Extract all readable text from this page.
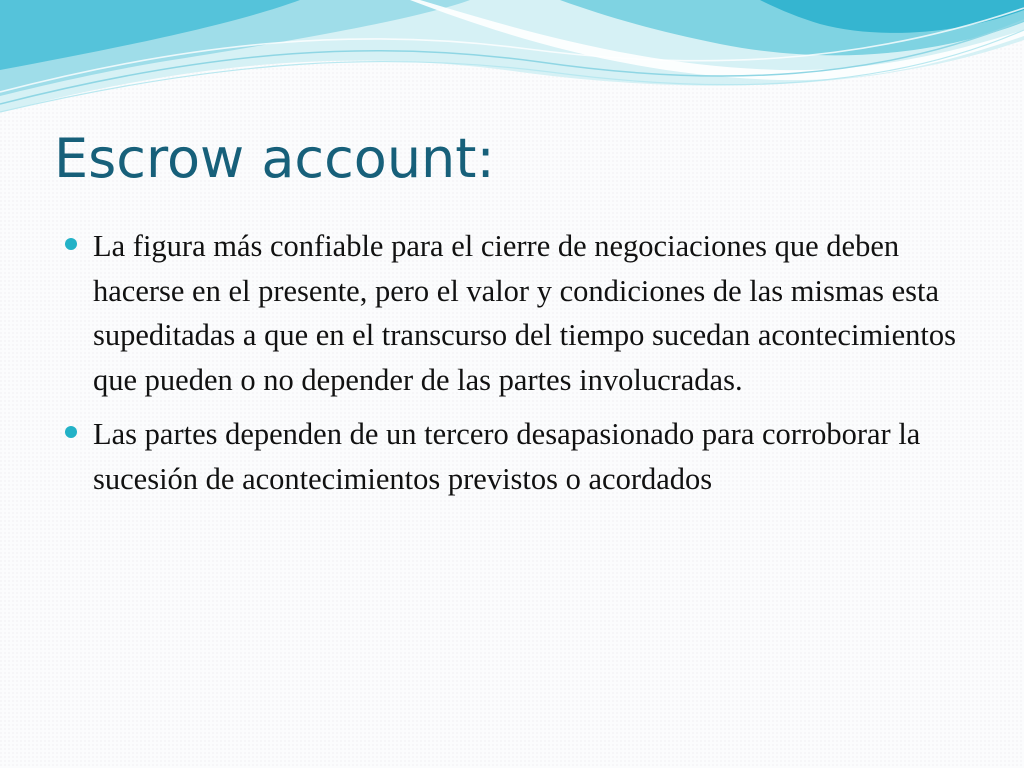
Escrow account:
La figura más confiable para el cierre de negociaciones que deben hacerse en el presente, pero el valor y condiciones de las mismas esta supeditadas a que en el transcurso del tiempo sucedan acontecimientos que pueden o no depender de las partes involucradas.
Las partes dependen de un tercero desapasionado para corroborar la sucesión de acontecimientos previstos o acordados
